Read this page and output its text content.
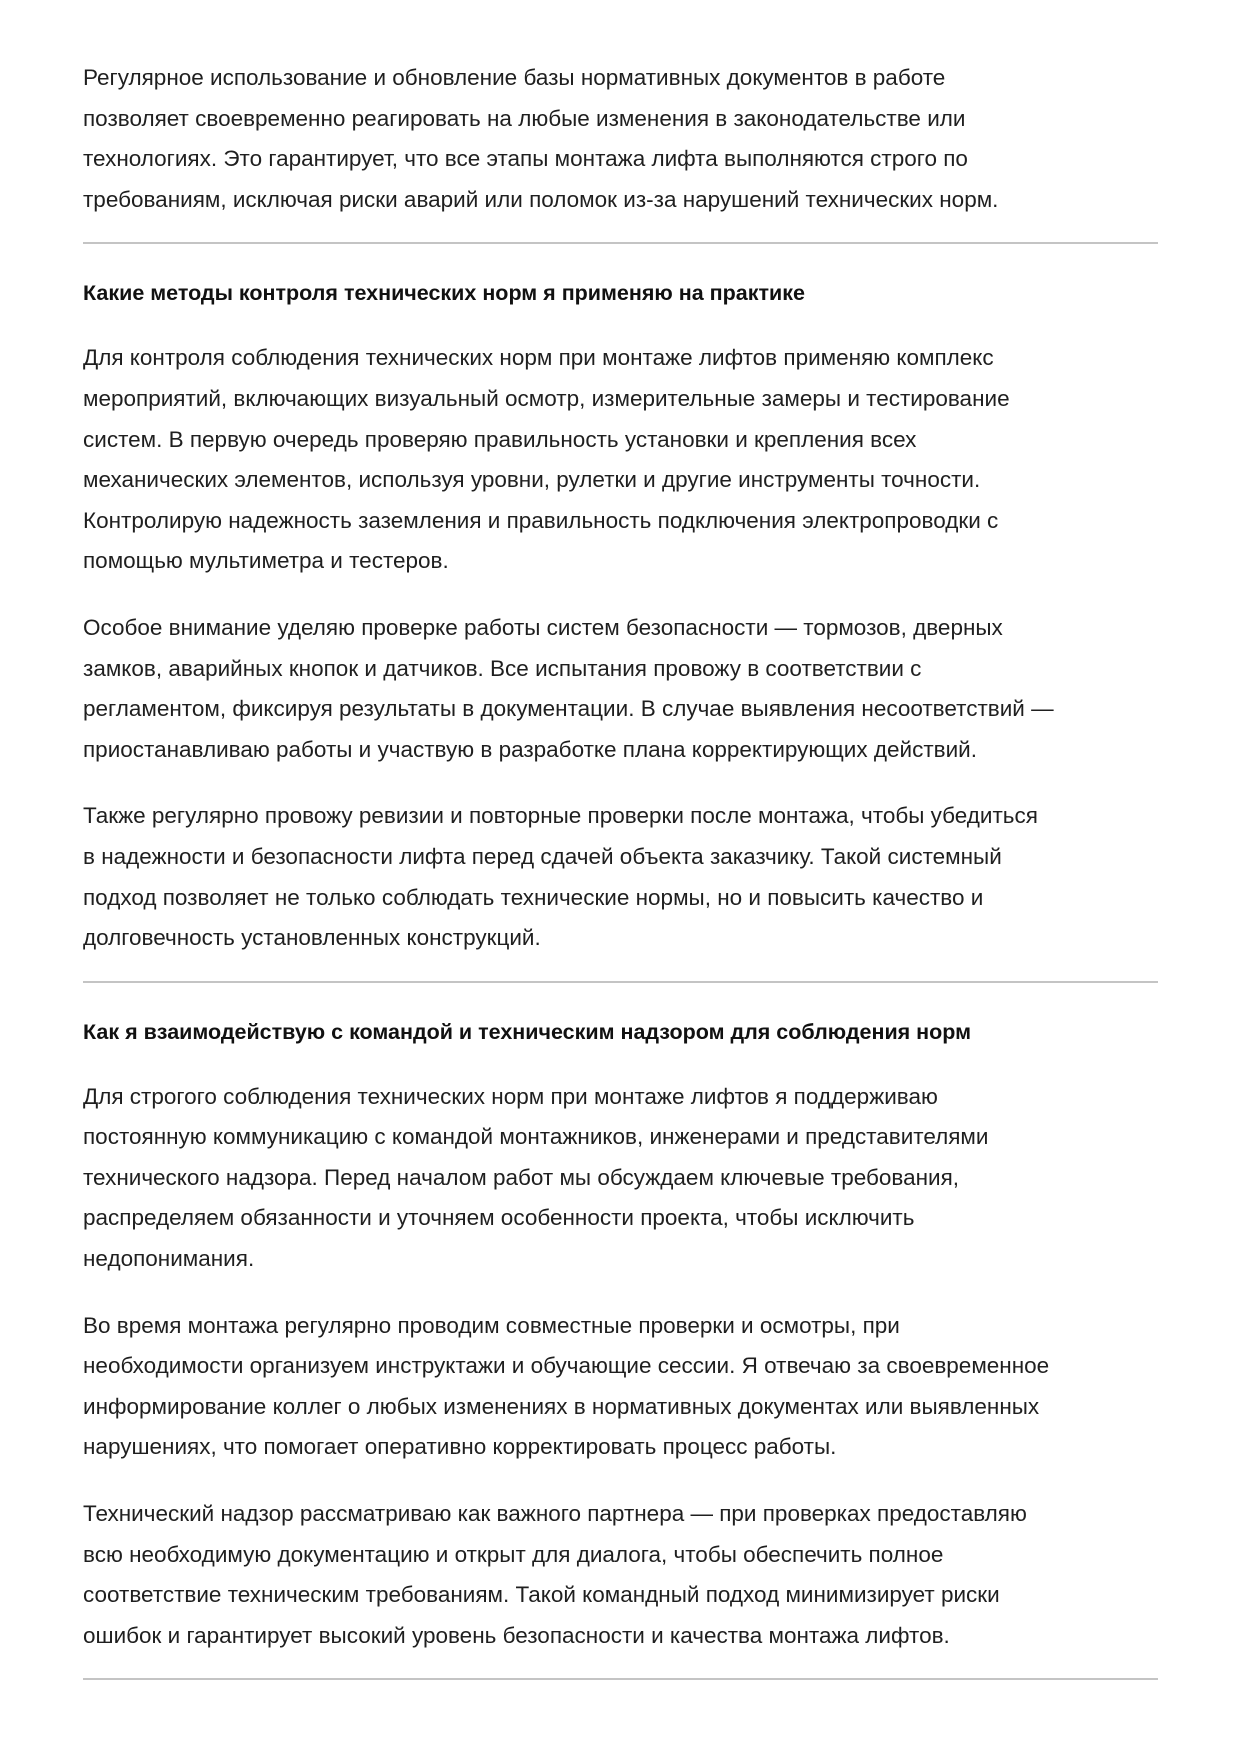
Регулярное использование и обновление базы нормативных документов в работе
позволяет своевременно реагировать на любые изменения в законодательстве или
технологиях. Это гарантирует, что все этапы монтажа лифта выполняются строго по
требованиям, исключая риски аварий или поломок из-за нарушений технических норм.

Какие методы контроля технических норм я применяю на практике

Для контроля соблюдения технических норм при монтаже лифтов применяю комплекс
мероприятий, включающих визуальный осмотр, измерительные замеры и тестирование
систем. В первую очередь проверяю правильность установки и крепления всех
механических элементов, используя уровни, рулетки и другие инструменты точности.
Контролирую надежность заземления и правильность подключения электропроводки с
помощью мультиметра и тестеров.

Особое внимание уделяю проверке работы систем безопасности — тормозов, дверных
замков, аварийных кнопок и датчиков. Все испытания провожу в соответствии с
регламентом, фиксируя результаты в документации. В случае выявления несоответствий —
приостанавливаю работы и участвую в разработке плана корректирующих действий.

Также регулярно провожу ревизии и повторные проверки после монтажа, чтобы убедиться
в надежности и безопасности лифта перед сдачей объекта заказчику. Такой системный
подход позволяет не только соблюдать технические нормы, но и повысить качество и
долговечность установленных конструкций.

Как я взаимодействую с командой и техническим надзором для соблюдения норм

Для строгого соблюдения технических норм при монтаже лифтов я поддерживаю
постоянную коммуникацию с командой монтажников, инженерами и представителями
технического надзора. Перед началом работ мы обсуждаем ключевые требования,
распределяем обязанности и уточняем особенности проекта, чтобы исключить
недопонимания.

Во время монтажа регулярно проводим совместные проверки и осмотры, при
необходимости организуем инструктажи и обучающие сессии. Я отвечаю за своевременное
информирование коллег о любых изменениях в нормативных документах или выявленных
нарушениях, что помогает оперативно корректировать процесс работы.

Технический надзор рассматриваю как важного партнера — при проверках предоставляю
всю необходимую документацию и открыт для диалога, чтобы обеспечить полное
соответствие техническим требованиям. Такой командный подход минимизирует риски
ошибок и гарантирует высокий уровень безопасности и качества монтажа лифтов.
